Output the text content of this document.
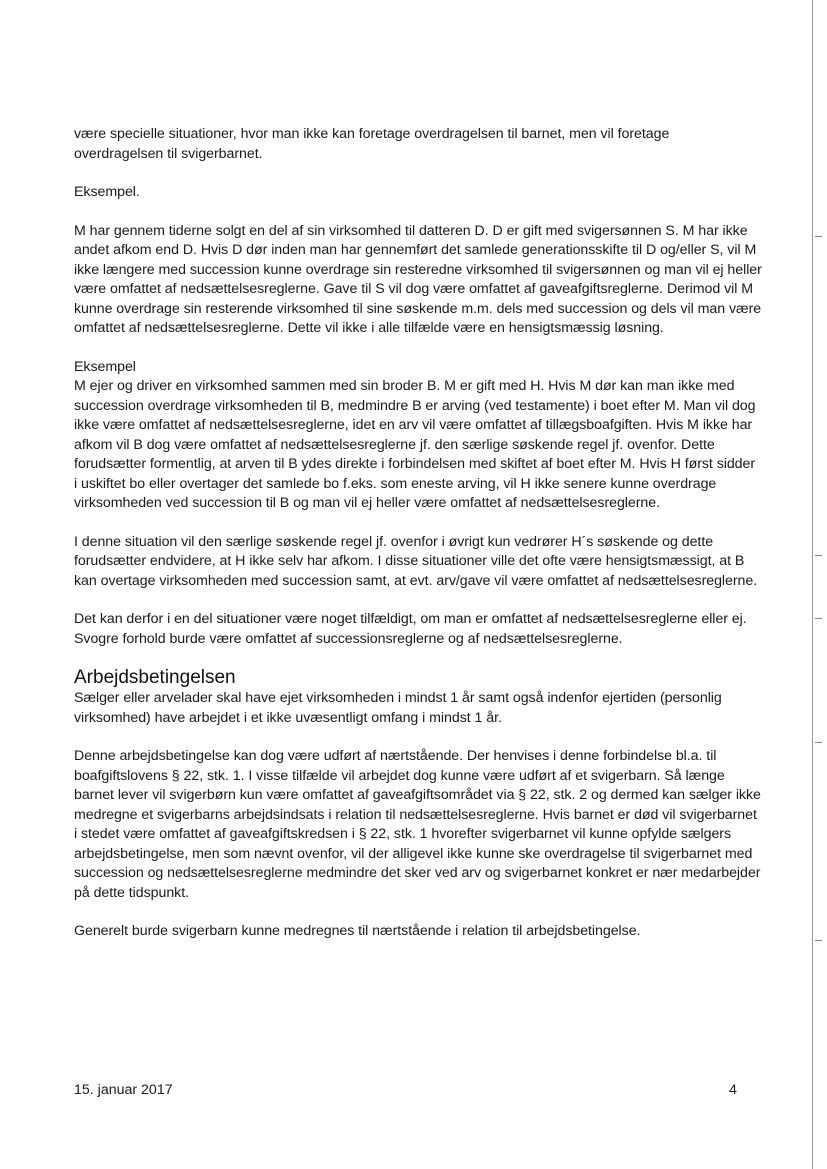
være specielle situationer, hvor man ikke kan foretage overdragelsen til barnet, men vil foretage overdragelsen til svigerbarnet.

Eksempel.

M har gennem tiderne solgt en del af sin virksomhed til datteren D. D er gift med svigersønnen S. M har ikke andet afkom end D. Hvis D dør inden man har gennemført det samlede generationsskifte til D og/eller S, vil M ikke længere med succession kunne overdrage sin resteredne virksomhed til svigersønnen og man vil ej heller være omfattet af nedsættelsesreglerne. Gave til S vil dog være omfattet af gaveafgiftsreglerne. Derimod vil M kunne overdrage sin resterende virksomhed til sine søskende m.m. dels med succession og dels vil man være omfattet af nedsættelsesreglerne. Dette vil ikke i alle tilfælde være en hensigtsmæssig løsning.

Eksempel

M ejer og driver en virksomhed sammen med sin broder B. M er gift med H. Hvis M dør kan man ikke med succession overdrage virksomheden til B, medmindre B er arving (ved testamente) i boet efter M. Man vil dog ikke være omfattet af nedsættelsesreglerne, idet en arv vil være omfattet af tillægsboafgiften. Hvis M ikke har afkom vil B dog være omfattet af nedsættelsesreglerne jf. den særlige søskende regel jf. ovenfor. Dette forudsætter formentlig, at arven til B ydes direkte i forbindelsen med skiftet af boet efter M. Hvis H først sidder i uskiftet bo eller overtager det samlede bo f.eks. som eneste arving, vil H ikke senere kunne overdrage virksomheden ved succession til B og man vil ej heller være omfattet af nedsættelsesreglerne.

I denne situation vil den særlige søskende regel jf. ovenfor i øvrigt kun vedrører H´s søskende og dette forudsætter endvidere, at H ikke selv har afkom. I disse situationer ville det ofte være hensigtsmæssigt, at B kan overtage virksomheden med succession samt, at evt. arv/gave vil være omfattet af nedsættelsesreglerne.

Det kan derfor i en del situationer være noget tilfældigt, om man er omfattet af nedsættelsesreglerne eller ej. Svogre forhold burde være omfattet af successionsreglerne og af nedsættelsesreglerne.

Arbejdsbetingelsen

Sælger eller arvelader skal have ejet virksomheden i mindst 1 år samt også indenfor ejertiden (personlig virksomhed) have arbejdet i et ikke uvæsentligt omfang i mindst 1 år.

Denne arbejdsbetingelse kan dog være udført af nærtstående. Der henvises i denne forbindelse bl.a. til boafgiftslovens § 22, stk. 1. I visse tilfælde vil arbejdet dog kunne være udført af et svigerbarn. Så længe barnet lever vil svigerbørn kun være omfattet af gaveafgiftsområdet via § 22, stk. 2 og dermed kan sælger ikke medregne et svigerbarns arbejdsindsats i relation til nedsættelsesreglerne. Hvis barnet er død vil svigerbarnet i stedet være omfattet af gaveafgiftskredsen i § 22, stk. 1 hvorefter svigerbarnet vil kunne opfylde sælgers arbejdsbetingelse, men som nævnt ovenfor, vil der alligevel ikke kunne ske overdragelse til svigerbarnet med succession og nedsættelsesreglerne medmindre det sker ved arv og svigerbarnet konkret er nær medarbejder på dette tidspunkt.

Generelt burde svigerbarn kunne medregnes til nærtstående i relation til arbejdsbetingelse.

15. januar 2017	4
